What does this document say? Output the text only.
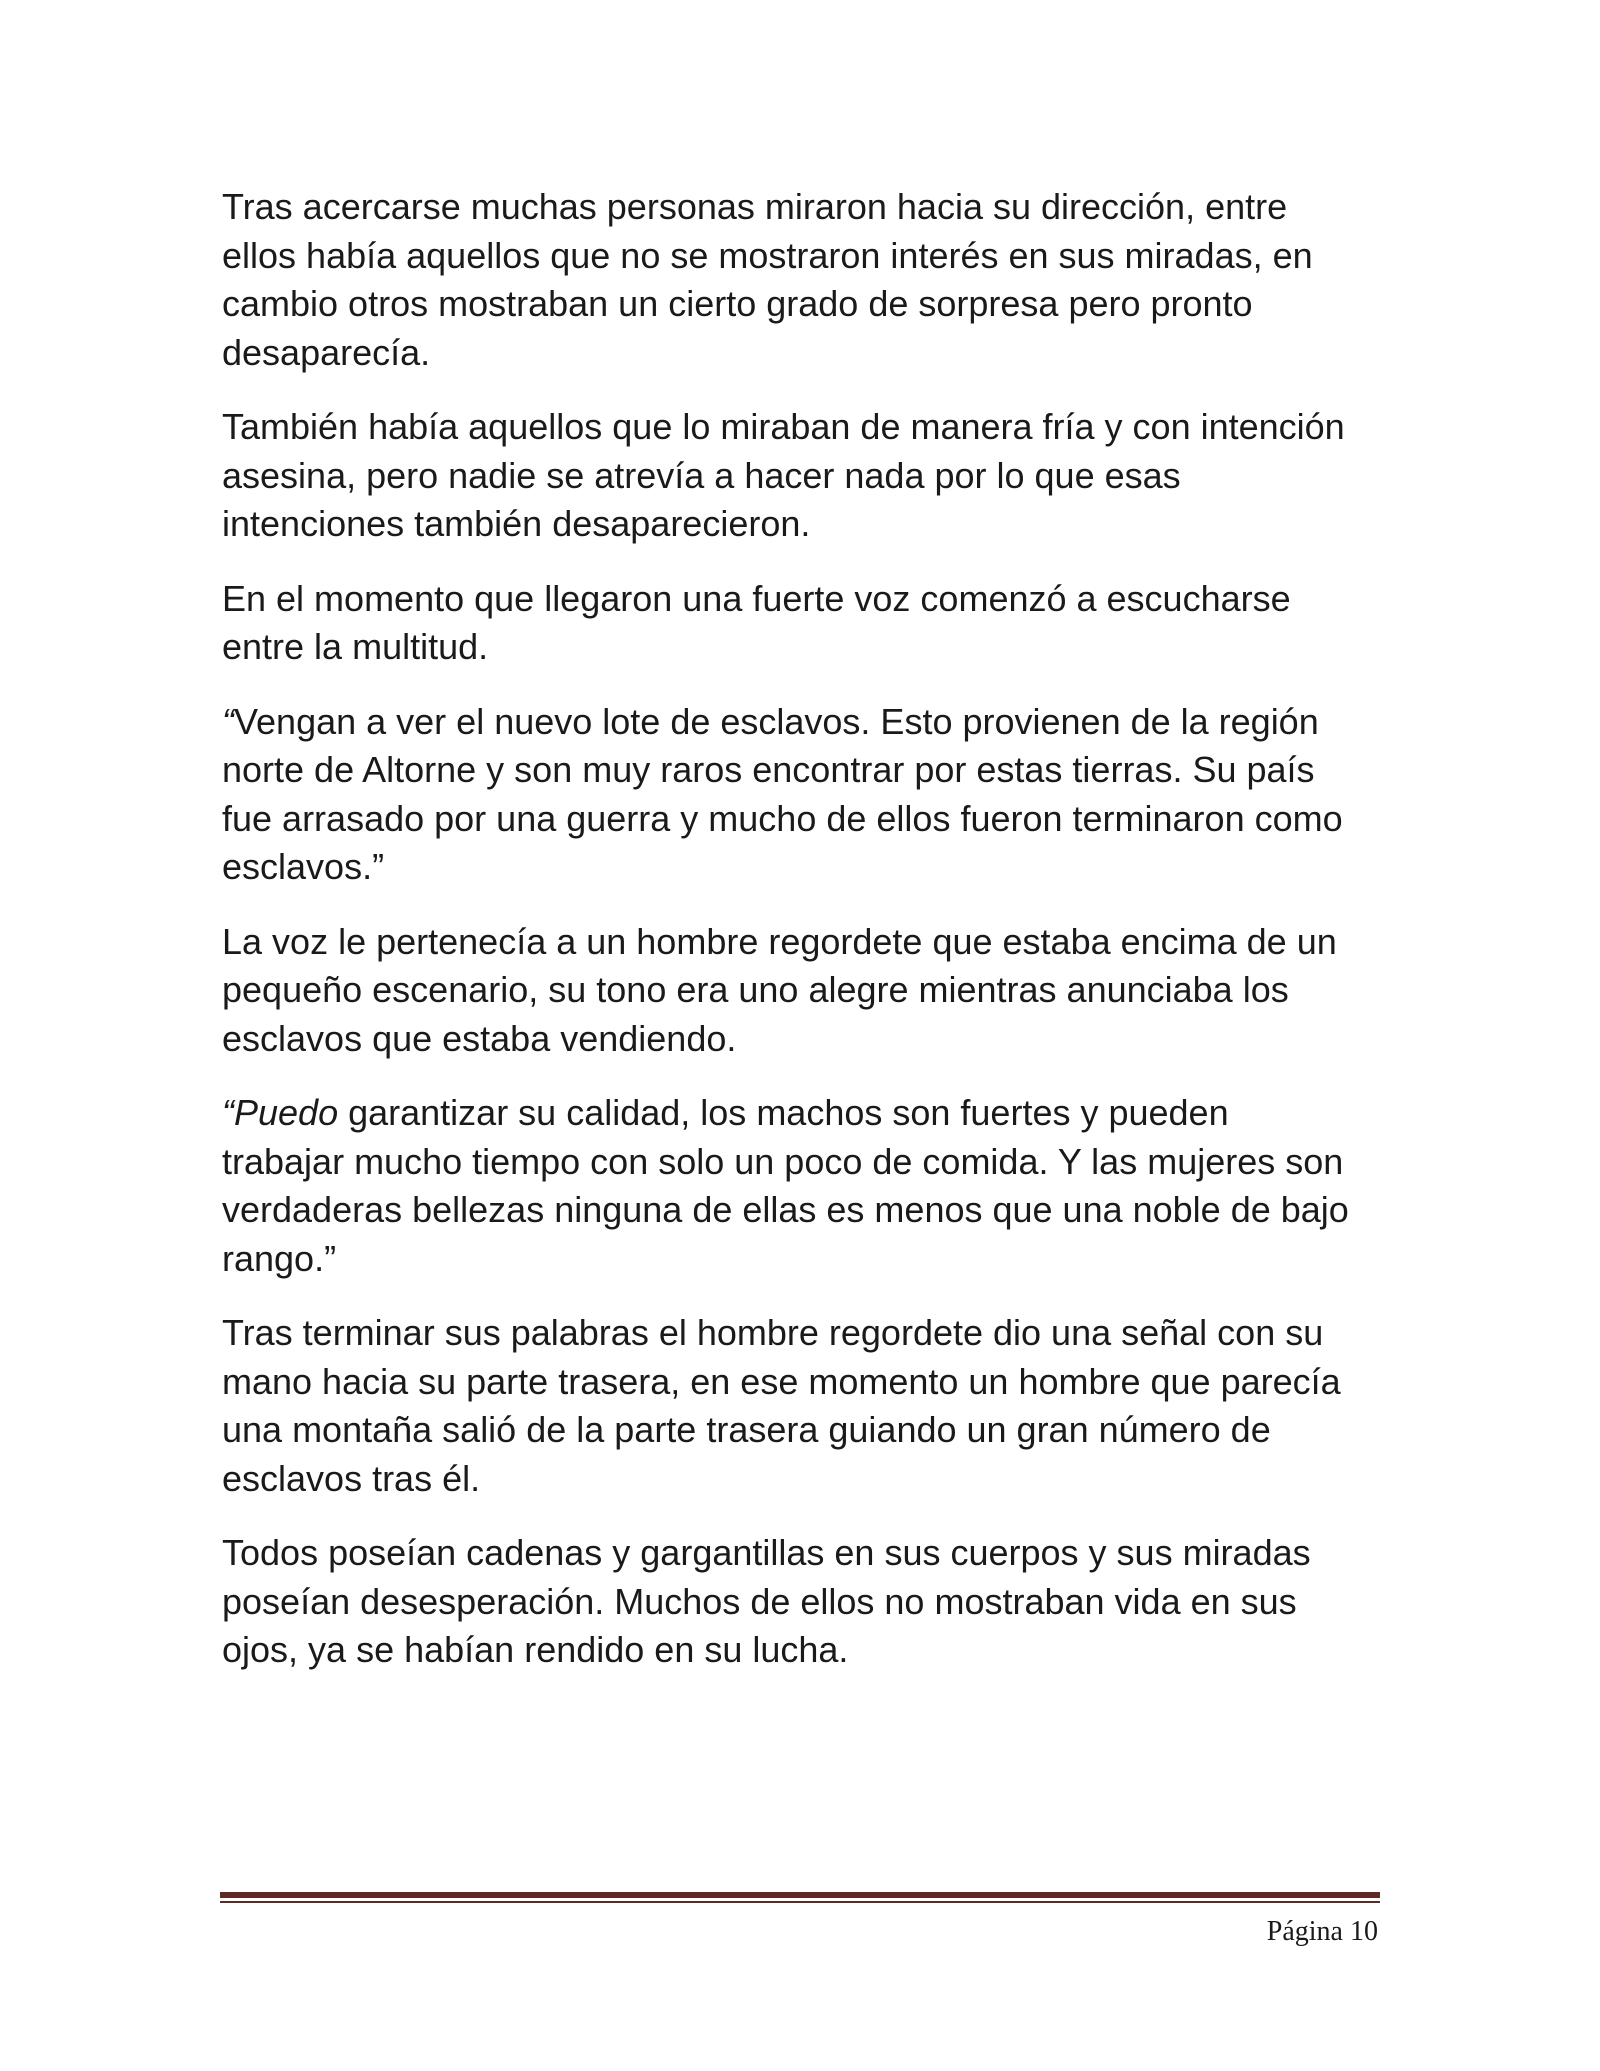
Tras acercarse muchas personas miraron hacia su dirección, entre
ellos había aquellos que no se mostraron interés en sus miradas, en
cambio otros mostraban un cierto grado de sorpresa pero pronto
desaparecía.

También había aquellos que lo miraban de manera fría y con intención
asesina, pero nadie se atrevía a hacer nada por lo que esas
intenciones también desaparecieron.

En el momento que llegaron una fuerte voz comenzó a escucharse
entre la multitud.

“Vengan a ver el nuevo lote de esclavos. Esto provienen de la región
norte de Altorne y son muy raros encontrar por estas tierras. Su país
fue arrasado por una guerra y mucho de ellos fueron terminaron como
esclavos.”

La voz le pertenecía a un hombre regordete que estaba encima de un
pequeño escenario, su tono era uno alegre mientras anunciaba los
esclavos que estaba vendiendo.

“Puedo garantizar su calidad, los machos son fuertes y pueden
trabajar mucho tiempo con solo un poco de comida. Y las mujeres son
verdaderas bellezas ninguna de ellas es menos que una noble de bajo
rango.”

Tras terminar sus palabras el hombre regordete dio una señal con su
mano hacia su parte trasera, en ese momento un hombre que parecía
una montaña salió de la parte trasera guiando un gran número de
esclavos tras él.

Todos poseían cadenas y gargantillas en sus cuerpos y sus miradas
poseían desesperación. Muchos de ellos no mostraban vida en sus
ojos, ya se habían rendido en su lucha.

Página 10
